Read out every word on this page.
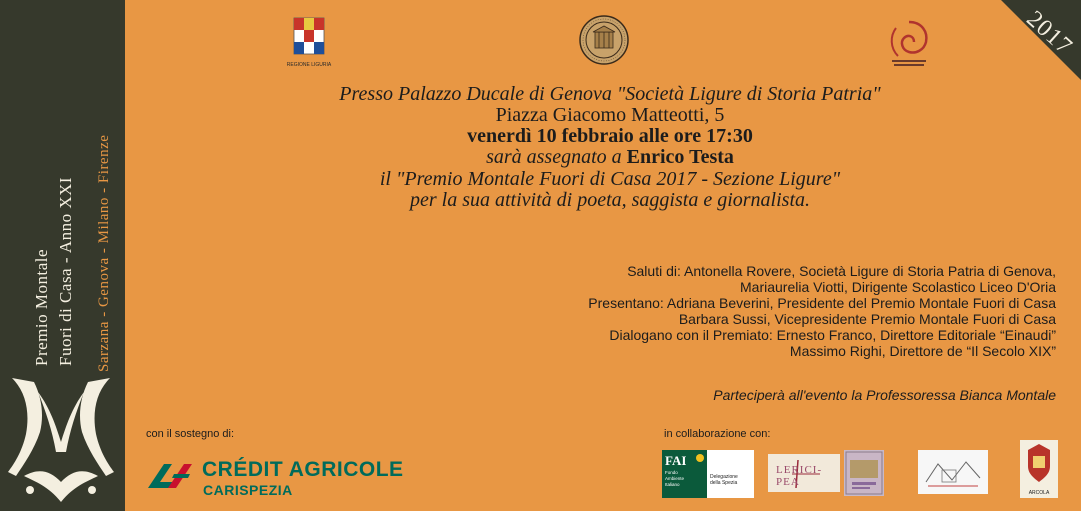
Premio Montale Fuori di Casa - Anno XXI Sarzana - Genova - Milano - Firenze
2017
REGIONE LIGURIA
Presso Palazzo Ducale di Genova "Società Ligure di Storia Patria"
Piazza Giacomo Matteotti, 5
venerdì 10 febbraio alle ore 17:30
sarà assegnato a Enrico Testa
il "Premio Montale Fuori di Casa 2017 - Sezione Ligure"
per la sua attività di poeta, saggista e giornalista.
Saluti di: Antonella Rovere, Società Ligure di Storia Patria di Genova,
Mariaurelia Viotti, Dirigente Scolastico Liceo D'Oria
Presentano: Adriana Beverini, Presidente del Premio Montale Fuori di Casa
Barbara Sussi, Vicepresidente Premio Montale Fuori di Casa
Dialogano con il Premiato: Ernesto Franco, Direttore Editoriale “Einaudi”
Massimo Righi, Direttore de “Il Secolo XIX”
Parteciperà all'evento la Professoressa Bianca Montale
con il sostegno di:	in collaborazione con:
CRÉDIT AGRICOLE
CARISPEZIA
FAI
Fondo
Ambiente
Italiano
Delegazione
della Spezia
LERICI-PEA
ARCOLA
